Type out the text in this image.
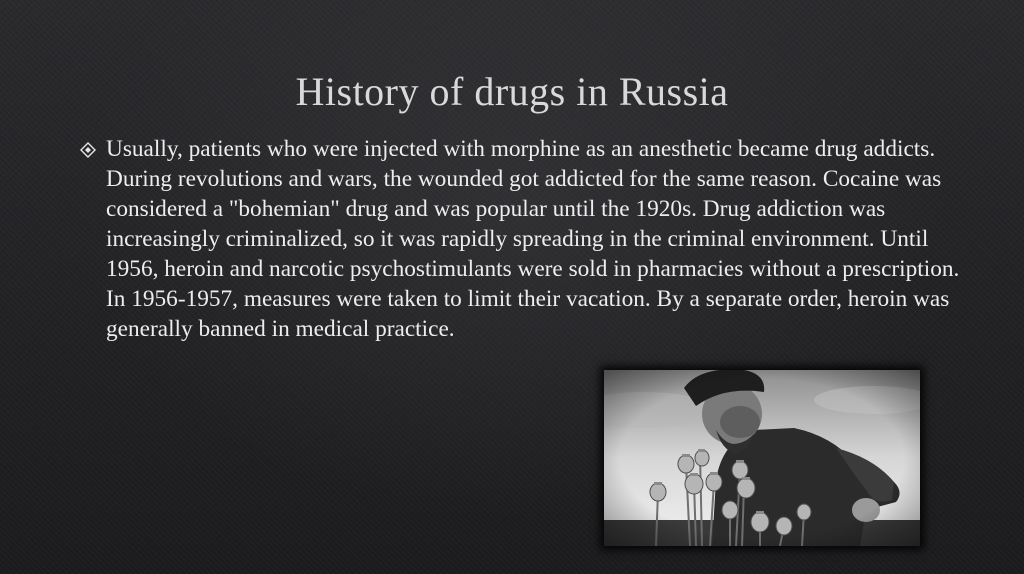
History of drugs in Russia

Usually, patients who were injected with morphine as an anesthetic became drug addicts. During revolutions and wars, the wounded got addicted for the same reason. Cocaine was considered a "bohemian" drug and was popular until the 1920s. Drug addiction was increasingly criminalized, so it was rapidly spreading in the criminal environment. Until 1956, heroin and narcotic psychostimulants were sold in pharmacies without a prescription. In 1956-1957, measures were taken to limit their vacation. By a separate order, heroin was generally banned in medical practice.
